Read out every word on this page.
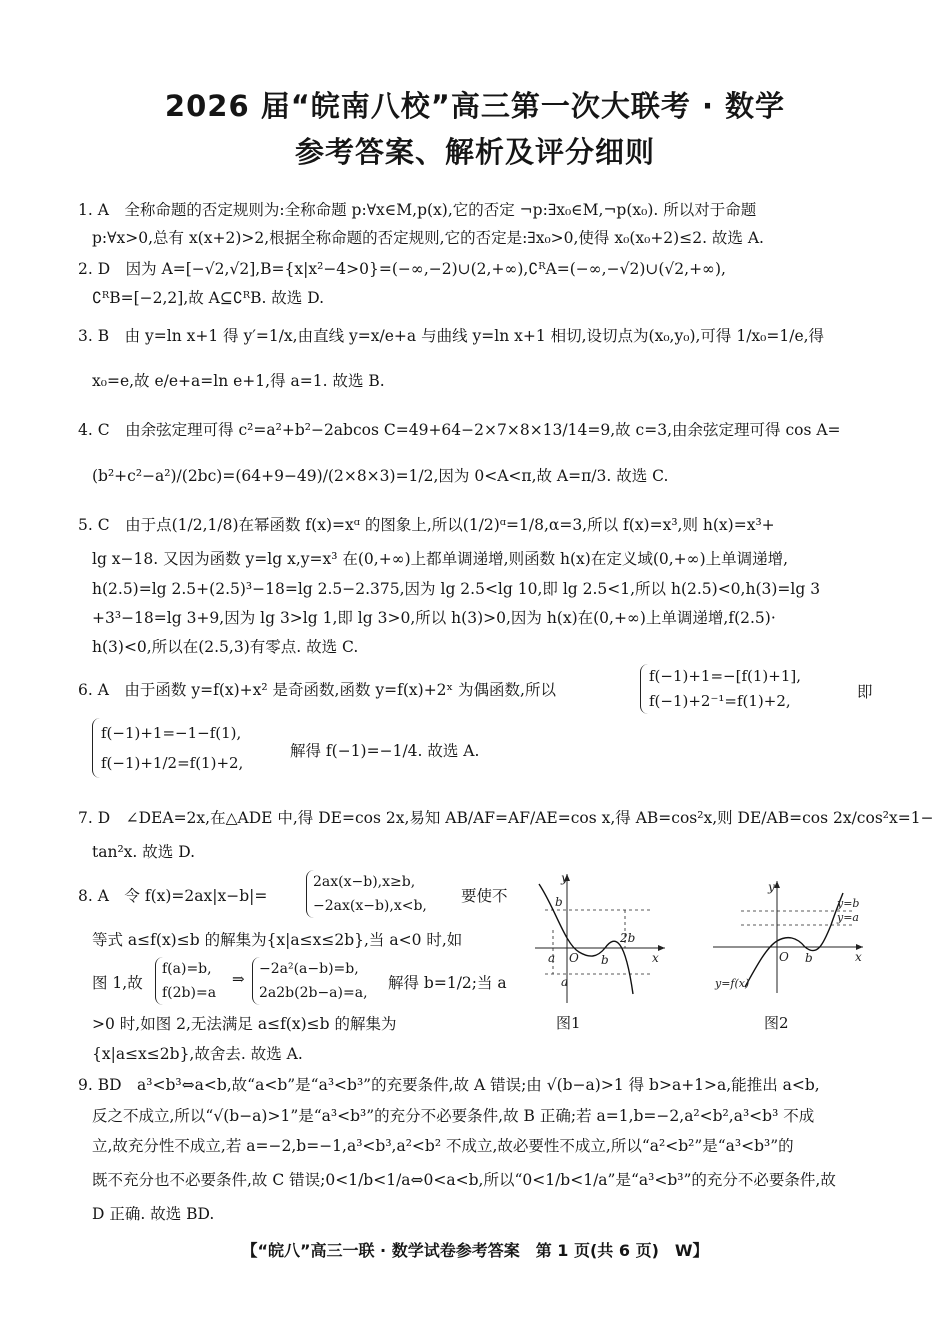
2026 届“皖南八校”高三第一次大联考 · 数学
参考答案、解析及评分细则
1. A　全称命题的否定规则为:全称命题 p:∀x∈M,p(x),它的否定 ¬p:∃x₀∈M,¬p(x₀). 所以对于命题
p:∀x>0,总有 x(x+2)>2,根据全称命题的否定规则,它的否定是:∃x₀>0,使得 x₀(x₀+2)≤2. 故选 A.
2. D　因为 A=[−√2,√2],B={x|x²−4>0}=(−∞,−2)∪(2,+∞),∁ᴿA=(−∞,−√2)∪(√2,+∞),
∁ᴿB=[−2,2],故 A⊆∁ᴿB. 故选 D.
3. B　由 y=ln x+1 得 y′=1/x,由直线 y=x/e+a 与曲线 y=ln x+1 相切,设切点为(x₀,y₀),可得 1/x₀=1/e,得
x₀=e,故 e/e+a=ln e+1,得 a=1. 故选 B.
4. C　由余弦定理可得 c²=a²+b²−2abcos C=49+64−2×7×8×13/14=9,故 c=3,由余弦定理可得 cos A=
(b²+c²−a²)/(2bc)=(64+9−49)/(2×8×3)=1/2,因为 0<A<π,故 A=π/3. 故选 C.
5. C　由于点(1/2,1/8)在幂函数 f(x)=xᵅ 的图象上,所以(1/2)ᵅ=1/8,α=3,所以 f(x)=x³,则 h(x)=x³+
lg x−18. 又因为函数 y=lg x,y=x³ 在(0,+∞)上都单调递增,则函数 h(x)在定义域(0,+∞)上单调递增,
h(2.5)=lg 2.5+(2.5)³−18=lg 2.5−2.375,因为 lg 2.5<lg 10,即 lg 2.5<1,所以 h(2.5)<0,h(3)=lg 3
+3³−18=lg 3+9,因为 lg 3>lg 1,即 lg 3>0,所以 h(3)>0,因为 h(x)在(0,+∞)上单调递增,f(2.5)·
h(3)<0,所以在(2.5,3)有零点. 故选 C.
6. A　由于函数 y=f(x)+x² 是奇函数,函数 y=f(x)+2ˣ 为偶函数,所以
f(−1)+1=−[f(1)+1],
f(−1)+2⁻¹=f(1)+2,	即
f(−1)+1=−1−f(1),
f(−1)+1/2=f(1)+2,
解得 f(−1)=−1/4. 故选 A.
7. D　∠DEA=2x,在△ADE 中,得 DE=cos 2x,易知 AB/AF=AF/AE=cos x,得 AB=cos²x,则 DE/AB=cos 2x/cos²x=1−
tan²x. 故选 D.
8. A　令 f(x)=2ax|x−b|=
2ax(x−b),x≥b,
−2ax(x−b),x<b,
要使不
等式 a≤f(x)≤b 的解集为{x|a≤x≤2b},当 a<0 时,如
图 1,故
f(a)=b,
f(2b)=a
⇒
−2a²(a−b)=b,
2a2b(2b−a)=a,
解得 b=1/2;当 a
>0 时,如图 2,无法满足 a≤f(x)≤b 的解集为
{x|a≤x≤2b},故舍去. 故选 A.
y
x
b
O
a	b
2b
a
图1
y
x
O b
y=b
y=a
y=f(x)
图2
9. BD　a³<b³⇔a<b,故“a<b”是“a³<b³”的充要条件,故 A 错误;由 √(b−a)>1 得 b>a+1>a,能推出 a<b,
反之不成立,所以“√(b−a)>1”是“a³<b³”的充分不必要条件,故 B 正确;若 a=1,b=−2,a²<b²,a³<b³ 不成
立,故充分性不成立,若 a=−2,b=−1,a³<b³,a²<b² 不成立,故必要性不成立,所以“a²<b²”是“a³<b³”的
既不充分也不必要条件,故 C 错误;0<1/b<1/a⇔0<a<b,所以“0<1/b<1/a”是“a³<b³”的充分不必要条件,故
D 正确. 故选 BD.
【“皖八”高三一联 · 数学试卷参考答案　第 1 页(共 6 页)　W】
